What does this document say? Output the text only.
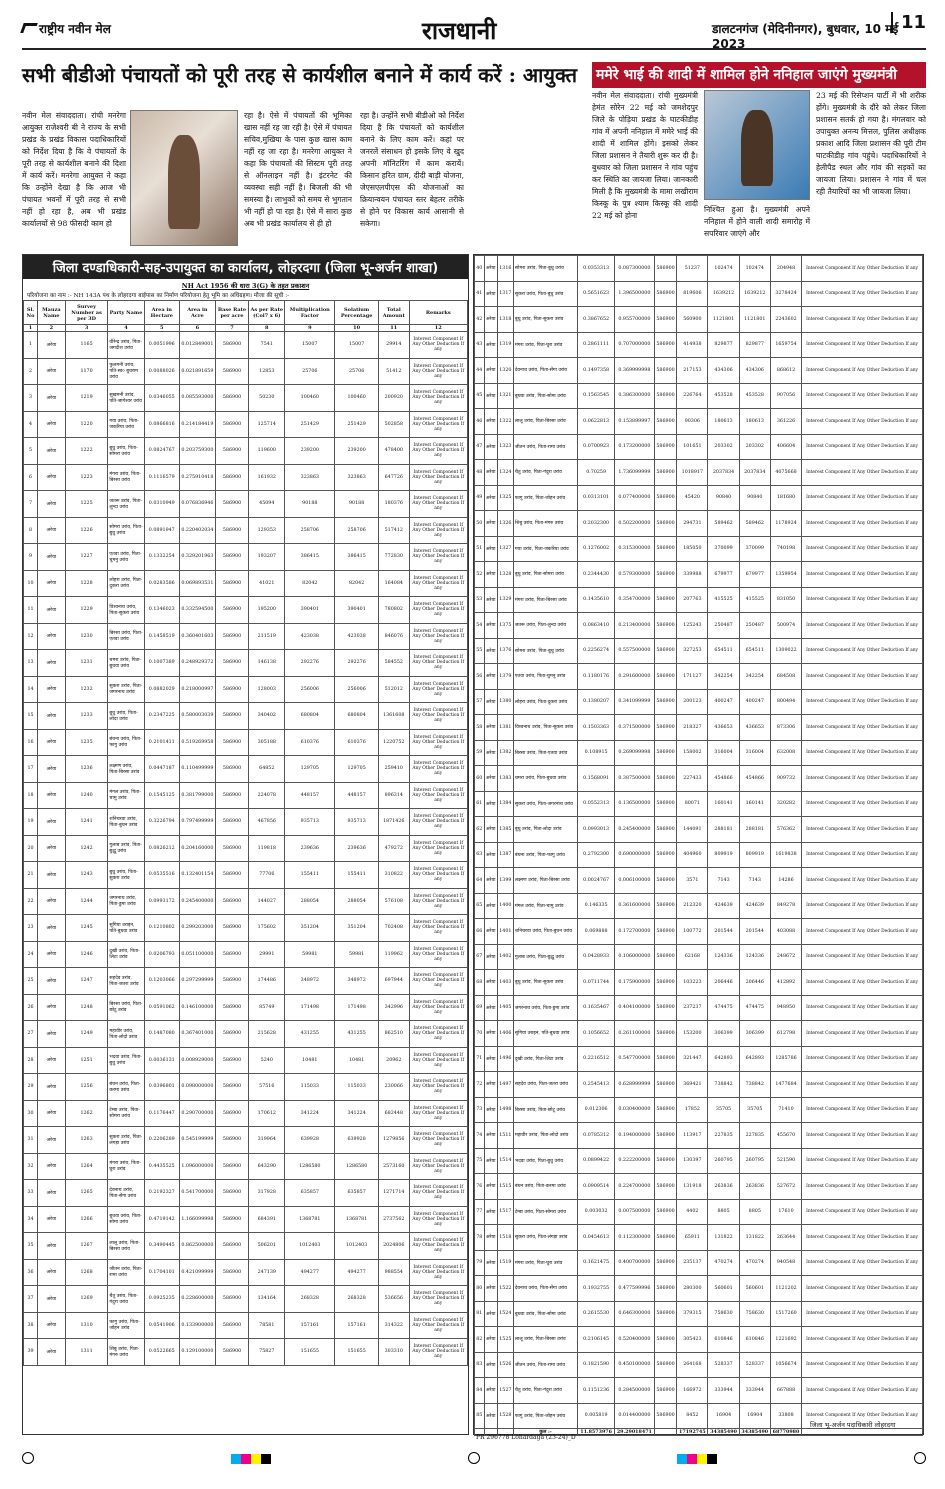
राष्ट्रीय नवीन मेल	राजधानी	डालटनगंज (मेदिनीनगर), बुधवार, 10 मई 2023
11
सभी बीडीओ पंचायतों को पूरी तरह से कार्यशील बनाने में कार्य करें : आयुक्त
नवीन मेल संवाददाता। रांची मनरेगा आयुक्त राजेश्वरी बी ने राज्य के सभी प्रखंड के प्रखंड विकास पदाधिकारियों को निर्देश दिया है कि वे पंचायतों के पूरी तरह से कार्यशील बनाने की दिशा में कार्य करें। मनरेगा आयुक्त ने कहा कि उन्होंने देखा है कि आज भी पंचायत भवनों में पूरी तरह से सभी नहीं हो रहा है, अब भी प्रखंड कार्यालयों से 98 फीसदी काम हो
रहा है। ऐसे में पंचायतों की भूमिका खास नहीं रह जा रही है। ऐसे में पंचायत सचिव,मुखिया के पास कुछ खास काम नहीं रह जा रहा है। मनरेगा आयुक्त ने कहा कि पंचायतों की सिस्टम पूरी तरह से ऑनलाइन नहीं है। इंटरनेट की व्यवस्था सही नहीं है। बिजली की भी समस्या है। लाभुकों को समय से भुगतान भी नहीं हो पा रहा है। ऐसे में सारा कुछ अब भी प्रखंड कार्यालय से ही हो
रहा है। उन्होंने सभी बीडीओ को निर्देश दिया है कि पंचायतों को कार्यशील बनाने के लिए काम करें। कहां पर जनरलें संसाधन हो इसके लिए वे खुद अपनी मॉनिटरिंग में काम करायें। किसान हरित ग्राम, दीदी बाड़ी योजना, जेएसएलपीएस की योजनाओं का क्रियान्वयन पंचायत स्तर बेहतर तरीके से होने पर विकास कार्य आसानी से सकेगा।
ममेरे भाई की शादी में शामिल होने ननिहाल जाएंगे मुख्यमंत्री
नवीन मेल संवाददाता। रांची मुख्यमंत्री हेमंत सोरेन 22 मई को जमशेदपुर जिले के पोड़िया प्रखंड के घाटकीडीह गांव में अपनी ननिहाल में ममेरे भाई की शादी में शामिल होंगे। इसको लेकर जिला प्रशासन ने तैयारी शुरू कर दी है। बुधवार को जिला प्रशासन ने गांव पहुंच कर स्थिति का जायजा लिया। जानकारी मिली है कि मुख्यमंत्री के मामा लखीराम किस्कू के पुत्र श्याम किस्कू की शादी 22 मई को होना
निश्चित हुआ है। मुख्यमंत्री अपने ननिहाल में होने वाली शादी समारोह में सपरिवार जाएंगे और
23 मई की रिसेप्शन पार्टी में भी शरीक होंगे। मुख्यमंत्री के दौरे को लेकर जिला प्रशासन सतर्क हो गया है। मंगलवार को उपायुक्त अनन्य मित्तल, पुलिस अधीक्षक प्रकाश आदि जिला प्रशासन की पूरी टीम घाटकीडीह गांव पहुंचे। पदाधिकारियों ने हेलीपैड स्थल और गांव की सड़कों का जायजा लिया। प्रशासन ने गांव में चल रही तैयारियों का भी जायजा लिया।
जिला दण्डाधिकारी-सह-उपायुक्त का कार्यालय, लोहरदगा (जिला भू-अर्जन शाखा)
NH Act 1956 की धारा 3(G) के तहत प्रकाशन
परियोजना का नाम :- NH 143A पथ के लोहरदगा बाईपास का निर्माण परियोजना हेतु भूमि का अधिग्रहण। मौजा की सूची :-
Sl. No	Mauza Name	Survey Number as per 3D	Party Name	Area in Hectare	Area in Acre	Base Rate per acre	As per Rate (Col7 x 6)	Multiplication Factor	Solatium Percentage	Total Amount	Remarks
1	2	3	4	5	6	7	8	9	10	11	12
1	अरेया	1165	वीरेन्द्र उरांव, पिता-जगदीश उरांव	0.0051996	0.012849001	586900	7541	15007	15007	29914	Interest Component If Any Other Deduction If any
2	अरेया	1170	फुलमनी उरांव, पति-स्व० बुधराम उरांव	0.0088026	0.021891659	586900	12853	25706	25706	51412	Interest Component If Any Other Deduction If any
3	अरेया	1219	सुखमनी उरांव, पति-जागेश्वर उरांव	0.0346055	0.085593000	586900	50230	100460	100460	200920	Interest Component If Any Other Deduction If any
4	अरेया	1220	गया उरांव, पिता-जकरिया उरांव	0.0866816	0.214184419	586900	125714	251429	251429	502858	Interest Component If Any Other Deduction If any
5	अरेया	1222	बुधु उरांव, पिता-सोमरा उरांव	0.0824767	0.203759300	586900	119600	239200	239200	478400	Interest Component If Any Other Deduction If any
6	अरेया	1223	मंगरा उरांव, पिता-बिरसा उरांव	0.1116579	0.275910418	586900	161932	323863	323863	647726	Interest Component If Any Other Deduction If any
7	अरेया	1225	जतरू उरांव, पिता-लुन्दा उरांव	0.0310949	0.076836946	586900	45094	90188	90188	180376	Interest Component If Any Other Deduction If any
8	अरेया	1226	सोमरा उरांव, पिता-बुधु उरांव	0.0891947	0.220402034	586900	129353	258706	258706	517412	Interest Component If Any Other Deduction If any
9	अरेया	1227	एतवा उरांव, पिता-चुमनु उरांव	0.1332254	0.329201963	586900	193207	386415	386415	772830	Interest Component If Any Other Deduction If any
10	अरेया	1228	लोहरा उरांव, पिता-दुकरा उरांव	0.0283586	0.069893531	586900	41021	82042	82042	164084	Interest Component If Any Other Deduction If any
11	अरेया	1229	विश्वनाथ उरांव, पिता-सुकरा उरांव	0.1346023	0.332594500	586900	195200	390401	390401	780802	Interest Component If Any Other Deduction If any
12	अरेया	1230	बिरसा उरांव, पिता-एतवा उरांव	0.1458519	0.360401603	586900	211519	423038	423038	846076	Interest Component If Any Other Deduction If any
13	अरेया	1231	चमरा उरांव, पिता-बुधवा उरांव	0.1007389	0.248929372	586900	146138	292276	292276	584552	Interest Component If Any Other Deduction If any
14	अरेया	1232	सुकरा उरांव, पिता-जगरनाथ उरांव	0.0882029	0.218000997	586900	128003	256006	256006	512012	Interest Component If Any Other Deduction If any
15	अरेया	1233	बुधु उरांव, पिता-लोदा उरांव	0.2347225	0.580003039	586900	340402	680804	680804	1361608	Interest Component If Any Other Deduction If any
16	अरेया	1235	बंधना उरांव, पिता-फागु उरांव	0.2101411	0.519269958	586900	305188	610376	610376	1220752	Interest Component If Any Other Deduction If any
17	अरेया	1236	लक्ष्मण उरांव, पिता-बिरसा उरांव	0.0447187	0.110499999	586900	64852	129705	129705	259410	Interest Component If Any Other Deduction If any
18	अरेया	1240	मंगल उरांव, पिता-चामु उरांव	0.1545125	0.381799000	586900	224078	448157	448157	896314	Interest Component If Any Other Deduction If any
19	अरेया	1241	शनिचरवा उरांव, पिता-बुधन उरांव	0.3226794	0.797499999	586900	467856	935713	935713	1871426	Interest Component If Any Other Deduction If any
20	अरेया	1242	गुलाब उरांव, पिता-बुद्धु उरांव	0.0826212	0.204160000	586900	119818	239636	239636	479272	Interest Component If Any Other Deduction If any
21	अरेया	1243	बुधु उरांव, पिता-सुकरा उरांव	0.0535516	0.132401154	586900	77706	155411	155411	310822	Interest Component If Any Other Deduction If any
22	अरेया	1244	जगरनाथ उरांव, पिता-डुमा उरांव	0.0993172	0.245400000	586900	144027	288054	288054	576108	Interest Component If Any Other Deduction If any
23	अरेया	1245	सुगिया उराइन, पति-बुधवा उरांव	0.1210802	0.299203000	586900	175602	351204	351204	702408	Interest Component If Any Other Deduction If any
24	अरेया	1246	दुखी उरांव, पिता-लिटा उरांव	0.0206793	0.051100000	586900	29991	59981	59981	119962	Interest Component If Any Other Deduction If any
25	अरेया	1247	सहदेव उरांव, पिता-जतरा उरांव	0.1203066	0.297299999	586900	174486	348972	348972	697944	Interest Component If Any Other Deduction If any
26	अरेया	1248	बिरसा उरांव, पिता-छोटू उरांव	0.0591062	0.146100000	586900	85749	171498	171498	342996	Interest Component If Any Other Deduction If any
27	अरेया	1249	महावीर उरांव, पिता-लोदो उरांव	0.1487080	0.367401000	586900	215628	431255	431255	862510	Interest Component If Any Other Deduction If any
28	अरेया	1251	भदवा उरांव, पिता-बुधु उरांव	0.0036131	0.008929000	586900	5240	10481	10481	20962	Interest Component If Any Other Deduction If any
29	अरेया	1256	बंधन उरांव, पिता-करमा उरांव	0.0396801	0.098000000	586900	57516	115033	115033	230066	Interest Component If Any Other Deduction If any
30	अरेया	1262	टेम्बा उरांव, पिता-सोमरा उरांव	0.1176447	0.290700000	586900	170612	341224	341224	682448	Interest Component If Any Other Deduction If any
31	अरेया	1263	सुकरा उरांव, पिता-लंगड़ा उरांव	0.2206289	0.545199999	586900	319964	639928	639928	1279856	Interest Component If Any Other Deduction If any
32	अरेया	1264	मंगरा उरांव, पिता-घुरा उरांव	0.4435525	1.096000000	586900	643290	1286580	1286580	2573160	Interest Component If Any Other Deduction If any
33	अरेया	1265	देवनाथ उरांव, पिता-सेंगा उरांव	0.2192327	0.541700000	586900	317928	635857	635857	1271714	Interest Component If Any Other Deduction If any
34	अरेया	1266	बुधवा उरांव, पिता-सोमा उरांव	0.4719142	1.166099998	586900	684391	1368781	1368781	2737562	Interest Component If Any Other Deduction If any
35	अरेया	1267	लालू उरांव, पिता-बिरसा उरांव	0.3490445	0.862500000	586900	506201	1012403	1012403	2024806	Interest Component If Any Other Deduction If any
36	अरेया	1268	जीतन उरांव, पिता-रामा उरांव	0.1704101	0.421099999	586900	247139	494277	494277	988554	Interest Component If Any Other Deduction If any
37	अरेया	1269	चैतु उरांव, पिता-गंदुरा उरांव	0.0925235	0.228600000	586900	134164	268328	268328	536656	Interest Component If Any Other Deduction If any
38	अरेया	1310	फागु उरांव, पिता-जोहन उरांव	0.0541906	0.133900000	586900	78581	157161	157161	314322	Interest Component If Any Other Deduction If any
39	अरेया	1311	शिबु उरांव, पिता-मंगरु उरांव	0.0522665	0.129100000	586900	75827	151655	151655	303310	Interest Component If Any Other Deduction If any
40	अरेया	1316	सोमरा उरांव, पिता-बुधु उरांव	0.0353313	0.087300000	586900	51237	102474	102474	204948	Interest Component If Any Other Deduction If any
41	अरेया	1317	सुकरा उरांव, पिता-बुधु उरांव	0.5651623	1.396500000	586900	819606	1639212	1639212	3278424	Interest Component If Any Other Deduction If any
42	अरेया	1318	बुधु उरांव, पिता-सुकरा उरांव	0.3867652	0.955700000	586900	560900	1121801	1121801	2243602	Interest Component If Any Other Deduction If any
43	अरेया	1319	मंगरा उरांव, पिता-घुरा उरांव	0.2861111	0.707000000	586900	414938	829877	829877	1659754	Interest Component If Any Other Deduction If any
44	अरेया	1320	देवनाथ उरांव, पिता-सेंगा उरांव	0.1497358	0.369999998	586900	217153	434306	434306	868612	Interest Component If Any Other Deduction If any
45	अरेया	1321	बुधवा उरांव, पिता-सोमा उरांव	0.1563545	0.386300000	586900	226764	453528	453528	907056	Interest Component If Any Other Deduction If any
46	अरेया	1322	लालू उरांव, पिता-बिरसा उरांव	0.0622813	0.153899997	586900	90306	180613	180613	361226	Interest Component If Any Other Deduction If any
47	अरेया	1323	जीतन उरांव, पिता-रामा उरांव	0.0700923	0.173200000	586900	101651	203302	203302	406604	Interest Component If Any Other Deduction If any
48	अरेया	1324	चैतु उरांव, पिता-गंदुरा उरांव	0.70259	1.736099999	586900	1018917	2037834	2037834	4075668	Interest Component If Any Other Deduction If any
49	अरेया	1325	फागु उरांव, पिता-जोहन उरांव	0.0313101	0.077400000	586900	45420	90840	90840	181680	Interest Component If Any Other Deduction If any
50	अरेया	1326	शिबु उरांव, पिता-मंगरु उरांव	0.2032300	0.502200000	586900	294731	589462	589462	1178924	Interest Component If Any Other Deduction If any
51	अरेया	1327	गया उरांव, पिता-जकरिया उरांव	0.1276002	0.315300000	586900	185050	370099	370099	740198	Interest Component If Any Other Deduction If any
52	अरेया	1328	बुधु उरांव, पिता-सोमरा उरांव	0.2344430	0.579300000	586900	339988	679977	679977	1359954	Interest Component If Any Other Deduction If any
53	अरेया	1329	मंगरा उरांव, पिता-बिरसा उरांव	0.1435610	0.354700000	586900	207763	415525	415525	831050	Interest Component If Any Other Deduction If any
54	अरेया	1375	जतरू उरांव, पिता-लुन्दा उरांव	0.0863410	0.213400000	586900	125243	250487	250487	500974	Interest Component If Any Other Deduction If any
55	अरेया	1376	सोमरा उरांव, पिता-बुधु उरांव	0.2256274	0.557500000	586900	327253	654511	654511	1309022	Interest Component If Any Other Deduction If any
56	अरेया	1379	एतवा उरांव, पिता-चुमनु उरांव	0.1180176	0.291600000	586900	171127	342254	342254	684508	Interest Component If Any Other Deduction If any
57	अरेया	1380	लोहरा उरांव, पिता-दुकरा उरांव	0.1380207	0.341099999	586900	200123	400247	400247	800494	Interest Component If Any Other Deduction If any
58	अरेया	1381	विश्वनाथ उरांव, पिता-सुकरा उरांव	0.1503363	0.371500000	586900	218327	436653	436653	873306	Interest Component If Any Other Deduction If any
59	अरेया	1382	बिरसा उरांव, पिता-एतवा उरांव	0.108915	0.269099998	586900	158002	316004	316004	632008	Interest Component If Any Other Deduction If any
60	अरेया	1383	चमरा उरांव, पिता-बुधवा उरांव	0.1568091	0.387500000	586900	227433	454866	454866	909732	Interest Component If Any Other Deduction If any
61	अरेया	1384	सुकरा उरांव, पिता-जगरनाथ उरांव	0.0552313	0.136500000	586900	80071	160141	160141	320282	Interest Component If Any Other Deduction If any
62	अरेया	1385	बुधु उरांव, पिता-लोदा उरांव	0.0993013	0.245400000	586900	144091	288181	288181	576362	Interest Component If Any Other Deduction If any
63	अरेया	1387	बंधना उरांव, पिता-फागु उरांव	0.2792300	0.690000000	586900	404960	809919	809919	1619838	Interest Component If Any Other Deduction If any
64	अरेया	1399	लक्ष्मण उरांव, पिता-बिरसा उरांव	0.0024767	0.006100000	586900	3571	7143	7143	14286	Interest Component If Any Other Deduction If any
65	अरेया	1400	मंगल उरांव, पिता-चामु उरांव	0.146335	0.361600000	586900	212320	424639	424639	849278	Interest Component If Any Other Deduction If any
66	अरेया	1401	शनिचरवा उरांव, पिता-बुधन उरांव	0.069888	0.172700000	586900	100772	201544	201544	403088	Interest Component If Any Other Deduction If any
67	अरेया	1402	गुलाब उरांव, पिता-बुद्धु उरांव	0.0428933	0.106000000	586900	62168	124336	124336	248672	Interest Component If Any Other Deduction If any
68	अरेया	1403	बुधु उरांव, पिता-सुकरा उरांव	0.0711744	0.175900000	586900	103223	206446	206446	412892	Interest Component If Any Other Deduction If any
69	अरेया	1405	जगरनाथ उरांव, पिता-डुमा उरांव	0.1635467	0.404100000	586900	237237	474475	474475	948950	Interest Component If Any Other Deduction If any
70	अरेया	1406	सुगिया उराइन, पति-बुधवा उरांव	0.1056652	0.261100000	586900	153200	306399	306399	612798	Interest Component If Any Other Deduction If any
71	अरेया	1496	दुखी उरांव, पिता-लिटा उरांव	0.2216512	0.547700000	586900	321447	642893	642893	1285786	Interest Component If Any Other Deduction If any
72	अरेया	1497	सहदेव उरांव, पिता-जतरा उरांव	0.2545413	0.628999999	586900	369421	738842	738842	1477684	Interest Component If Any Other Deduction If any
73	अरेया	1498	बिरसा उरांव, पिता-छोटू उरांव	0.012306	0.030400000	586900	17852	35705	35705	71410	Interest Component If Any Other Deduction If any
74	अरेया	1511	महावीर उरांव, पिता-लोदो उरांव	0.0785312	0.194000000	586900	113917	227835	227835	455670	Interest Component If Any Other Deduction If any
75	अरेया	1514	भदवा उरांव, पिता-बुधु उरांव	0.0899422	0.222200000	586900	130397	260795	260795	521590	Interest Component If Any Other Deduction If any
76	अरेया	1515	बंधन उरांव, पिता-करमा उरांव	0.0909514	0.224700000	586900	131918	263836	263836	527672	Interest Component If Any Other Deduction If any
77	अरेया	1517	टेम्बा उरांव, पिता-सोमरा उरांव	0.003032	0.007500000	586900	4402	8805	8805	17610	Interest Component If Any Other Deduction If any
78	अरेया	1518	सुकरा उरांव, पिता-लंगड़ा उरांव	0.0454613	0.112300000	586900	65911	131822	131822	263644	Interest Component If Any Other Deduction If any
79	अरेया	1519	मंगरा उरांव, पिता-घुरा उरांव	0.1621475	0.400700000	586900	235137	470274	470274	940548	Interest Component If Any Other Deduction If any
80	अरेया	1522	देवनाथ उरांव, पिता-सेंगा उरांव	0.1932755	0.477599996	586900	280300	560601	560601	1121202	Interest Component If Any Other Deduction If any
81	अरेया	1524	बुधवा उरांव, पिता-सोमा उरांव	0.2615530	0.646300000	586900	379315	758630	758630	1517260	Interest Component If Any Other Deduction If any
82	अरेया	1525	लालू उरांव, पिता-बिरसा उरांव	0.2106145	0.520400000	586900	305423	610846	610846	1221692	Interest Component If Any Other Deduction If any
83	अरेया	1526	जीतन उरांव, पिता-रामा उरांव	0.1821590	0.450100000	586900	264168	528337	528337	1056674	Interest Component If Any Other Deduction If any
84	अरेया	1527	चैतु उरांव, पिता-गंदुरा उरांव	0.1151236	0.284500000	586900	166972	333944	333944	667888	Interest Component If Any Other Deduction If any
85	अरेया	1528	फागु उरांव, पिता-जोहन उरांव	0.005819	0.014400000	586900	8452	16904	16904	33808	Interest Component If Any Other Deduction If any
			कुल :-	11.8573976	29.29018471		17192745	34385490	34385490	68770980	
PR 296778 Lohardaga (23-24)_D
जिला भू-अर्जन पदाधिकारी लोहरदगा
